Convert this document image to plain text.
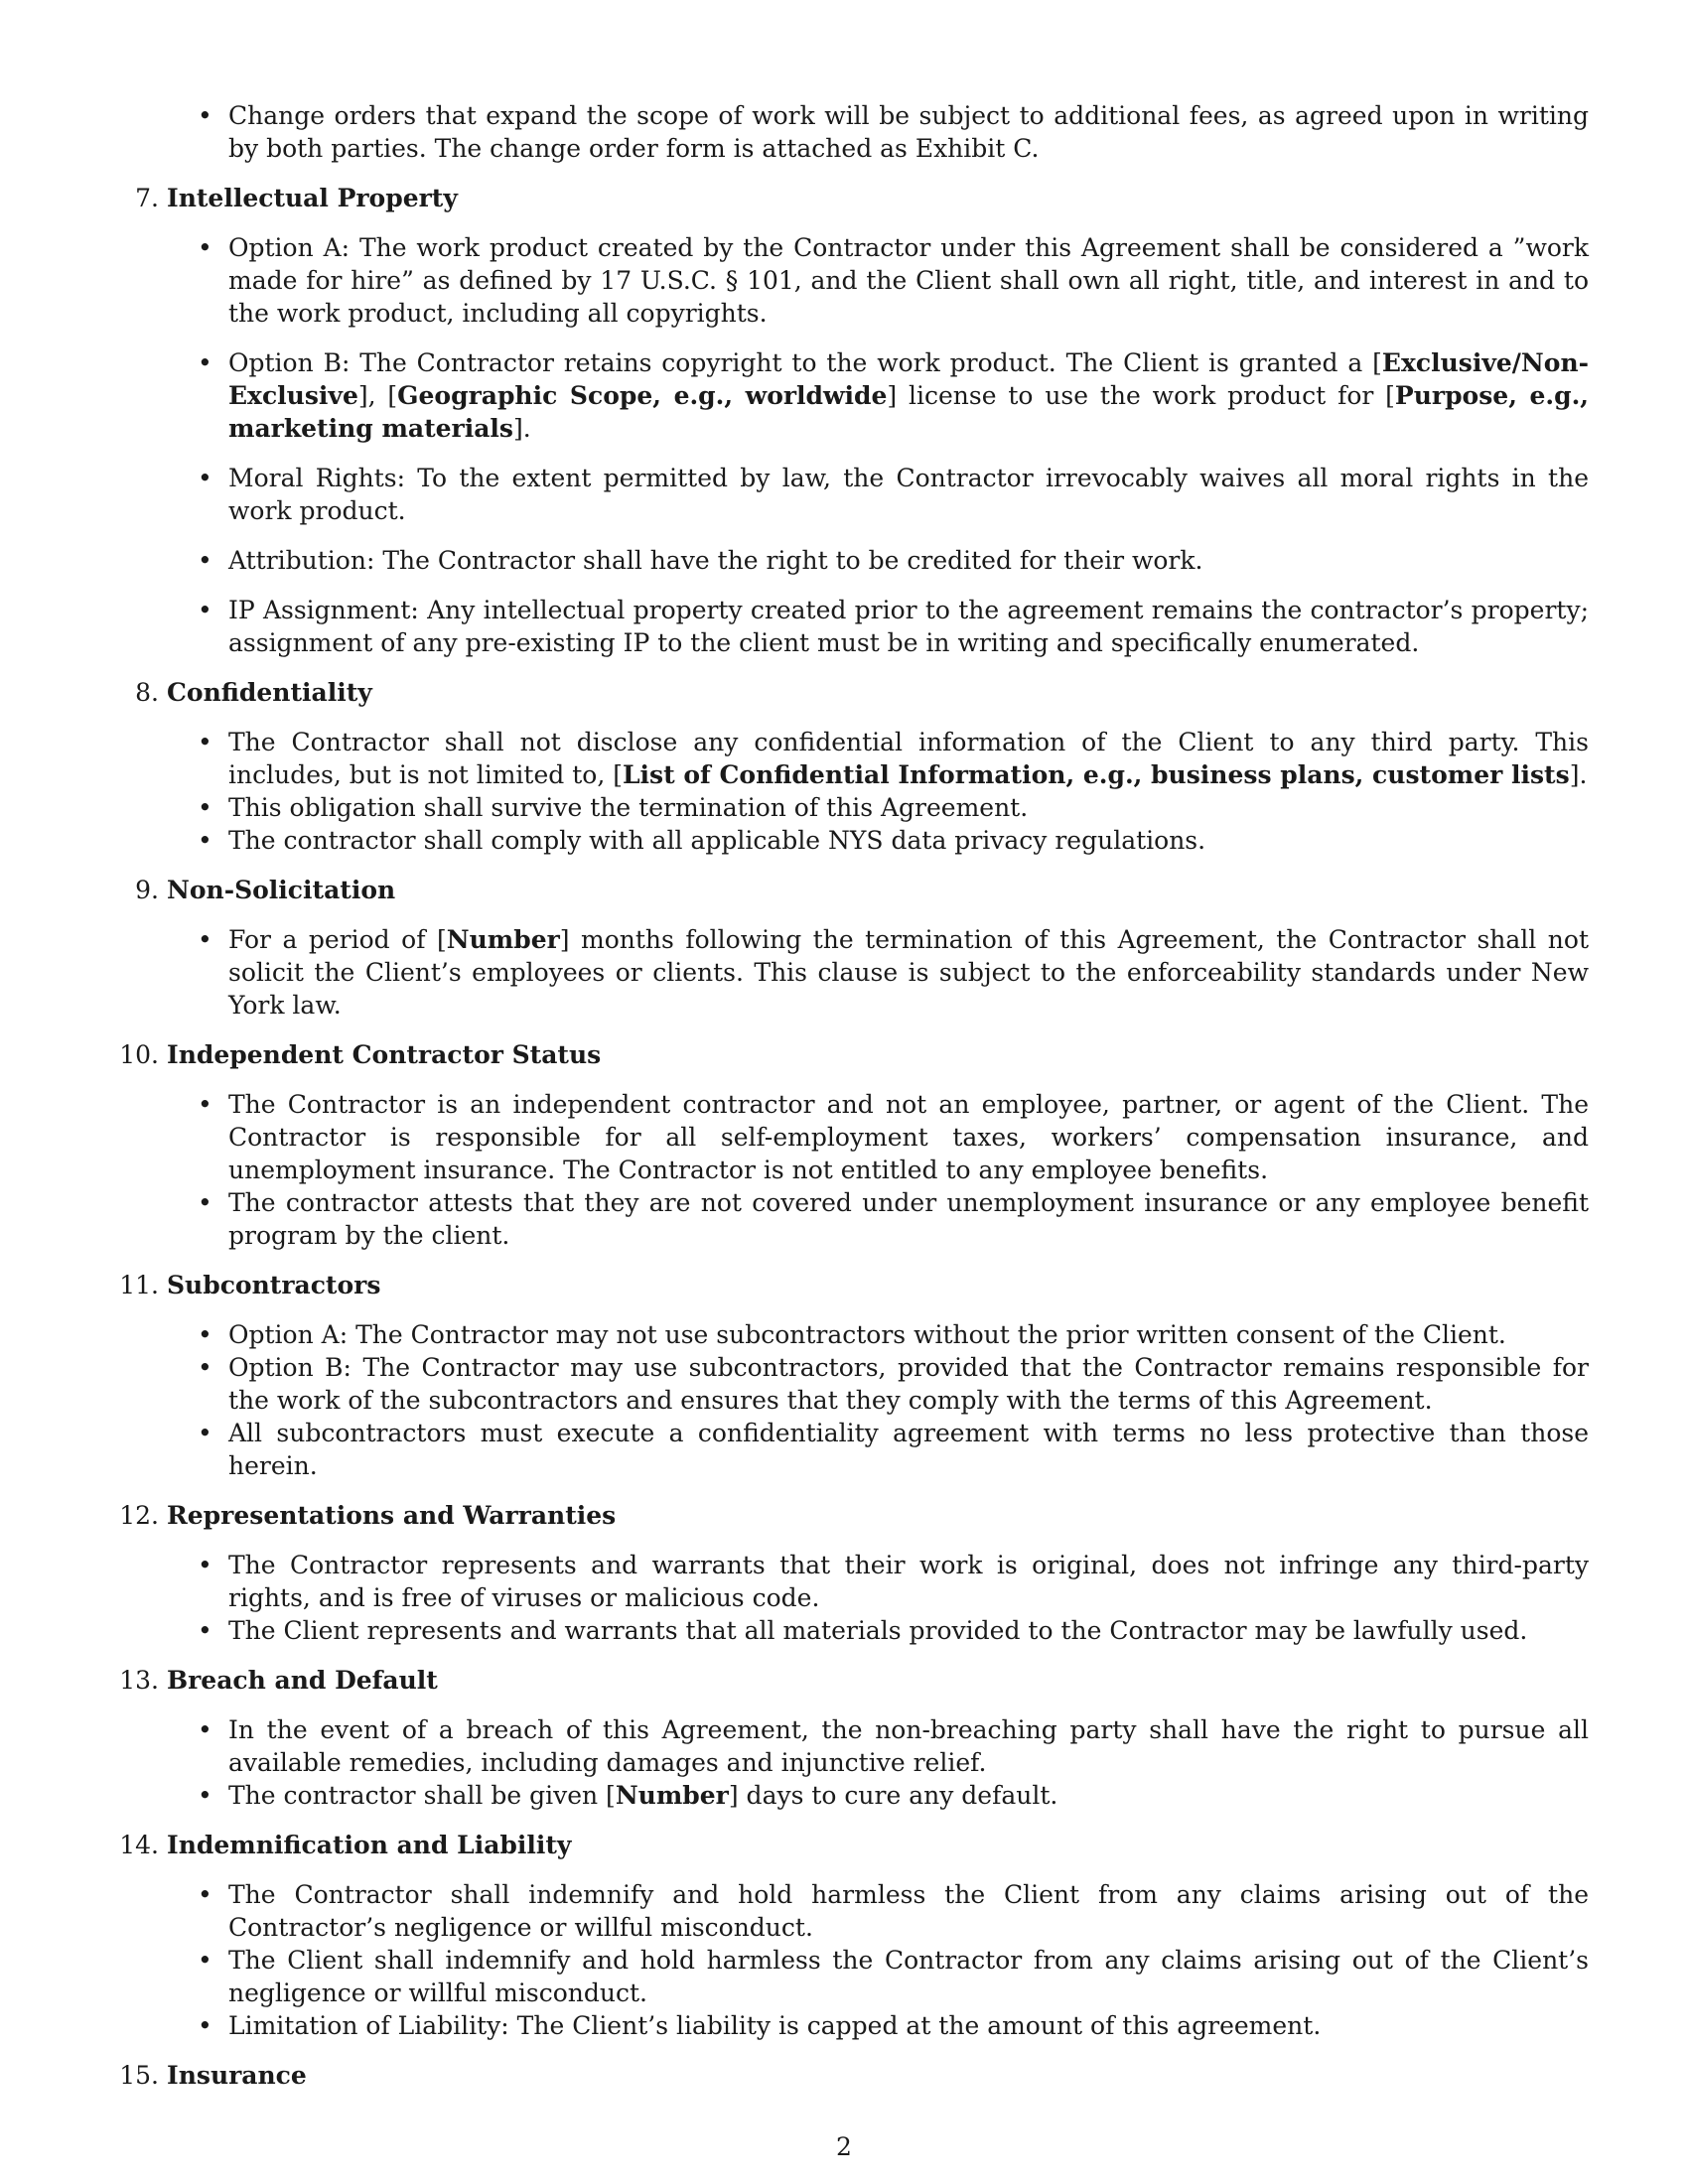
• Change orders that expand the scope of work will be subject to additional fees, as agreed upon in writing by both parties. The change order form is attached as Exhibit C.
7. Intellectual Property
• Option A: The work product created by the Contractor under this Agreement shall be considered a ”work made for hire” as defined by 17 U.S.C. § 101, and the Client shall own all right, title, and interest in and to the work product, including all copyrights.
• Option B: The Contractor retains copyright to the work product. The Client is granted a [Exclusive/Non-Exclusive], [Geographic Scope, e.g., worldwide] license to use the work product for [Purpose, e.g., marketing materials].
• Moral Rights: To the extent permitted by law, the Contractor irrevocably waives all moral rights in the work product.
• Attribution: The Contractor shall have the right to be credited for their work.
• IP Assignment: Any intellectual property created prior to the agreement remains the contractor’s property; assignment of any pre-existing IP to the client must be in writing and specifically enumerated.
8. Confidentiality
• The Contractor shall not disclose any confidential information of the Client to any third party. This includes, but is not limited to, [List of Confidential Information, e.g., business plans, customer lists].
• This obligation shall survive the termination of this Agreement.
• The contractor shall comply with all applicable NYS data privacy regulations.
9. Non-Solicitation
• For a period of [Number] months following the termination of this Agreement, the Contractor shall not solicit the Client’s employees or clients. This clause is subject to the enforceability standards under New York law.
10. Independent Contractor Status
• The Contractor is an independent contractor and not an employee, partner, or agent of the Client. The Contractor is responsible for all self-employment taxes, workers’ compensation insurance, and unemployment insurance. The Contractor is not entitled to any employee benefits.
• The contractor attests that they are not covered under unemployment insurance or any employee benefit program by the client.
11. Subcontractors
• Option A: The Contractor may not use subcontractors without the prior written consent of the Client.
• Option B: The Contractor may use subcontractors, provided that the Contractor remains responsible for the work of the subcontractors and ensures that they comply with the terms of this Agreement.
• All subcontractors must execute a confidentiality agreement with terms no less protective than those herein.
12. Representations and Warranties
• The Contractor represents and warrants that their work is original, does not infringe any third-party rights, and is free of viruses or malicious code.
• The Client represents and warrants that all materials provided to the Contractor may be lawfully used.
13. Breach and Default
• In the event of a breach of this Agreement, the non-breaching party shall have the right to pursue all available remedies, including damages and injunctive relief.
• The contractor shall be given [Number] days to cure any default.
14. Indemnification and Liability
• The Contractor shall indemnify and hold harmless the Client from any claims arising out of the Contractor’s negligence or willful misconduct.
• The Client shall indemnify and hold harmless the Contractor from any claims arising out of the Client’s negligence or willful misconduct.
• Limitation of Liability: The Client’s liability is capped at the amount of this agreement.
15. Insurance
2
